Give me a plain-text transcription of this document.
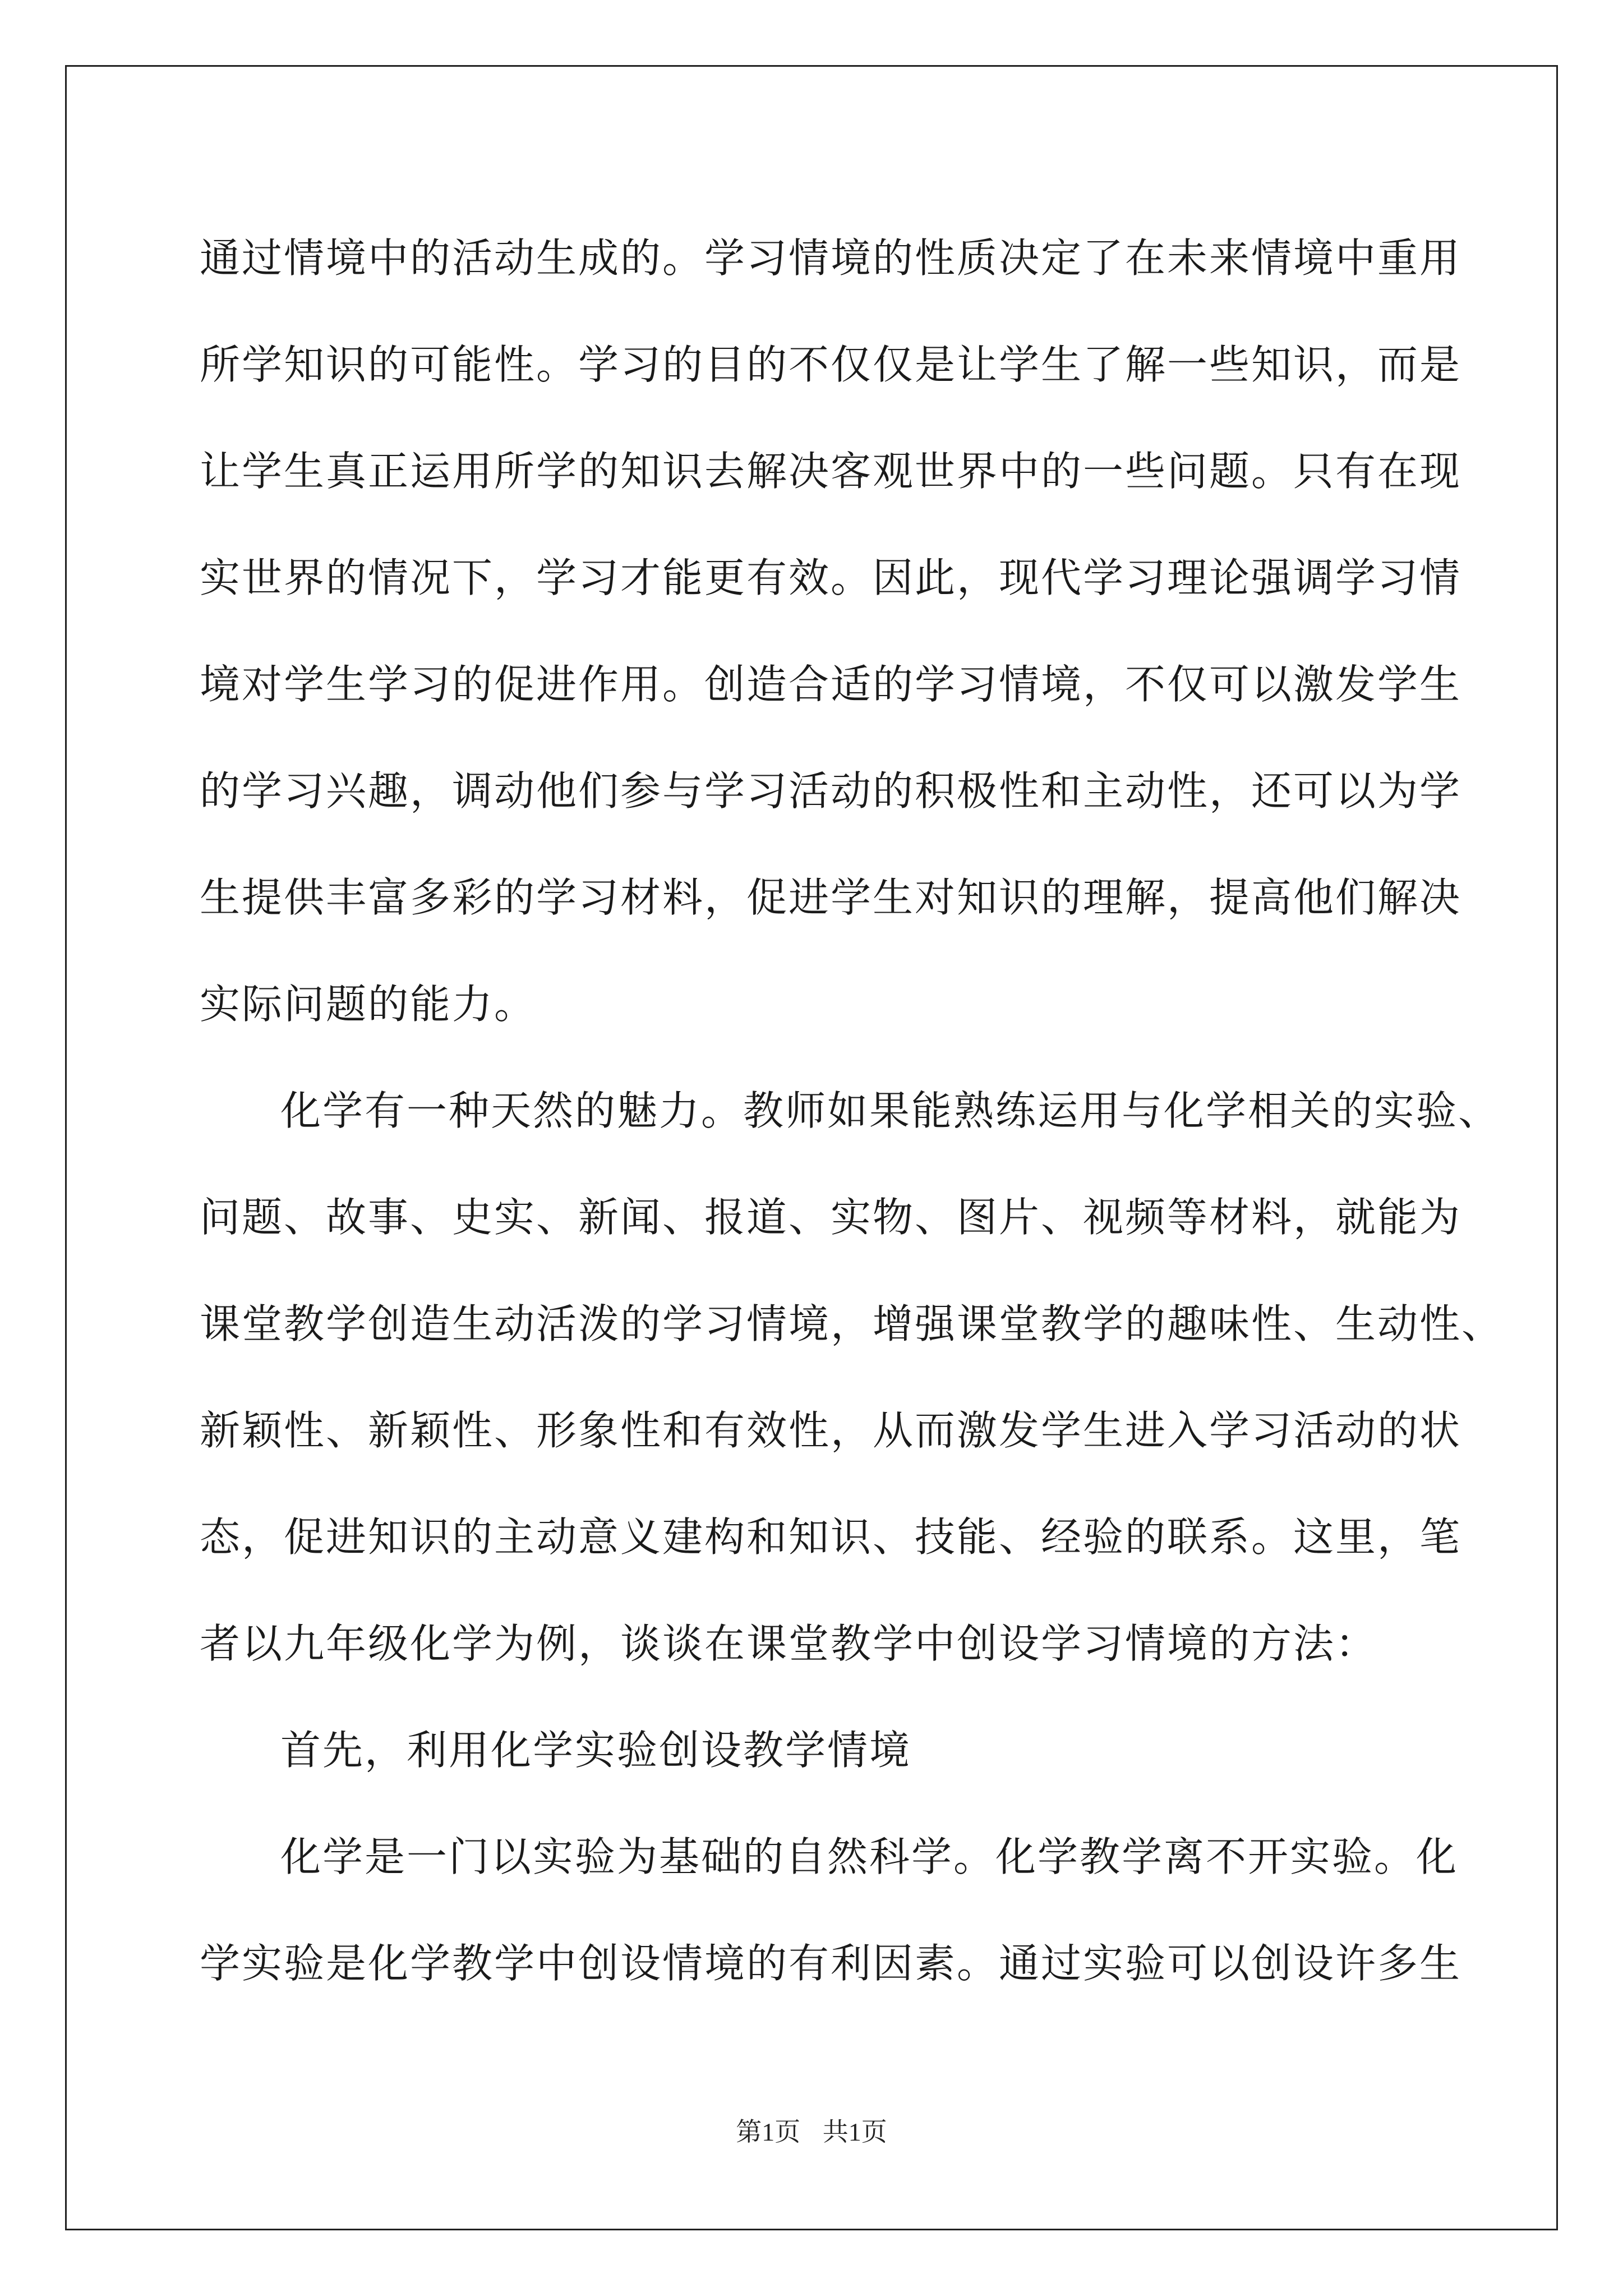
通过情境中的活动生成的。学习情境的性质决定了在未来情境中重用
所学知识的可能性。学习的目的不仅仅是让学生了解一些知识，而是
让学生真正运用所学的知识去解决客观世界中的一些问题。只有在现
实世界的情况下，学习才能更有效。因此，现代学习理论强调学习情
境对学生学习的促进作用。创造合适的学习情境，不仅可以激发学生
的学习兴趣，调动他们参与学习活动的积极性和主动性，还可以为学
生提供丰富多彩的学习材料，促进学生对知识的理解，提高他们解决
实际问题的能力。
化学有一种天然的魅力。教师如果能熟练运用与化学相关的实验、
问题、故事、史实、新闻、报道、实物、图片、视频等材料，就能为
课堂教学创造生动活泼的学习情境，增强课堂教学的趣味性、生动性、
新颖性、新颖性、形象性和有效性，从而激发学生进入学习活动的状
态，促进知识的主动意义建构和知识、技能、经验的联系。这里，笔
者以九年级化学为例，谈谈在课堂教学中创设学习情境的方法：
首先，利用化学实验创设教学情境
化学是一门以实验为基础的自然科学。化学教学离不开实验。化
学实验是化学教学中创设情境的有利因素。通过实验可以创设许多生
第1页 共1页
